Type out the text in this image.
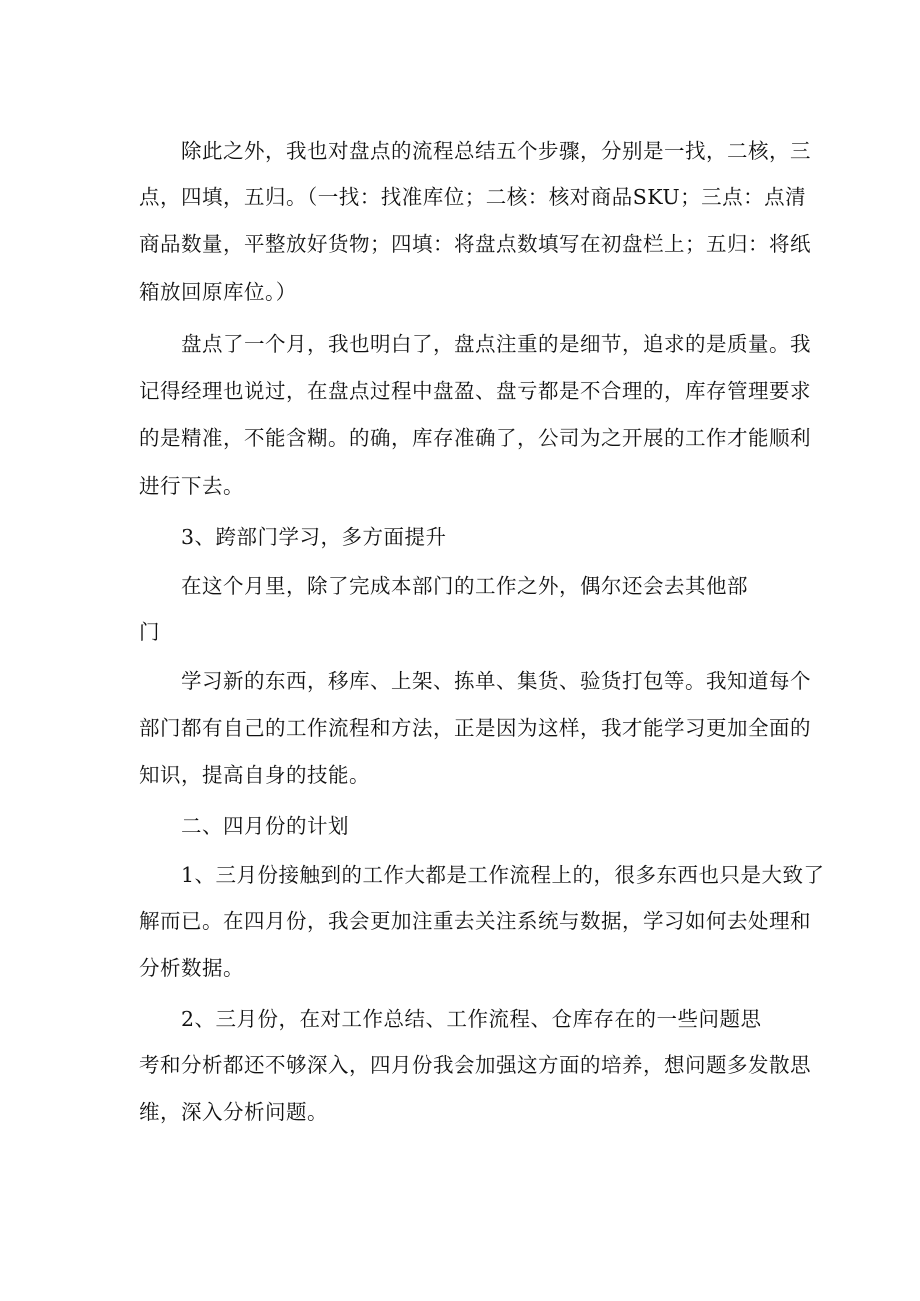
除此之外，我也对盘点的流程总结五个步骤，分别是一找，二核，三
点，四填，五归。（一找：找准库位；二核：核对商品SKU；三点：点清
商品数量，平整放好货物；四填：将盘点数填写在初盘栏上；五归：将纸
箱放回原库位。）
盘点了一个月，我也明白了，盘点注重的是细节，追求的是质量。我
记得经理也说过，在盘点过程中盘盈、盘亏都是不合理的，库存管理要求
的是精准，不能含糊。的确，库存准确了，公司为之开展的工作才能顺利
进行下去。
3、跨部门学习，多方面提升
在这个月里，除了完成本部门的工作之外，偶尔还会去其他部
门
学习新的东西，移库、上架、拣单、集货、验货打包等。我知道每个
部门都有自己的工作流程和方法，正是因为这样，我才能学习更加全面的
知识，提高自身的技能。
二、四月份的计划
1、三月份接触到的工作大都是工作流程上的，很多东西也只是大致了
解而已。在四月份，我会更加注重去关注系统与数据，学习如何去处理和
分析数据。
2、三月份，在对工作总结、工作流程、仓库存在的一些问题思
考和分析都还不够深入，四月份我会加强这方面的培养，想问题多发散思
维，深入分析问题。
